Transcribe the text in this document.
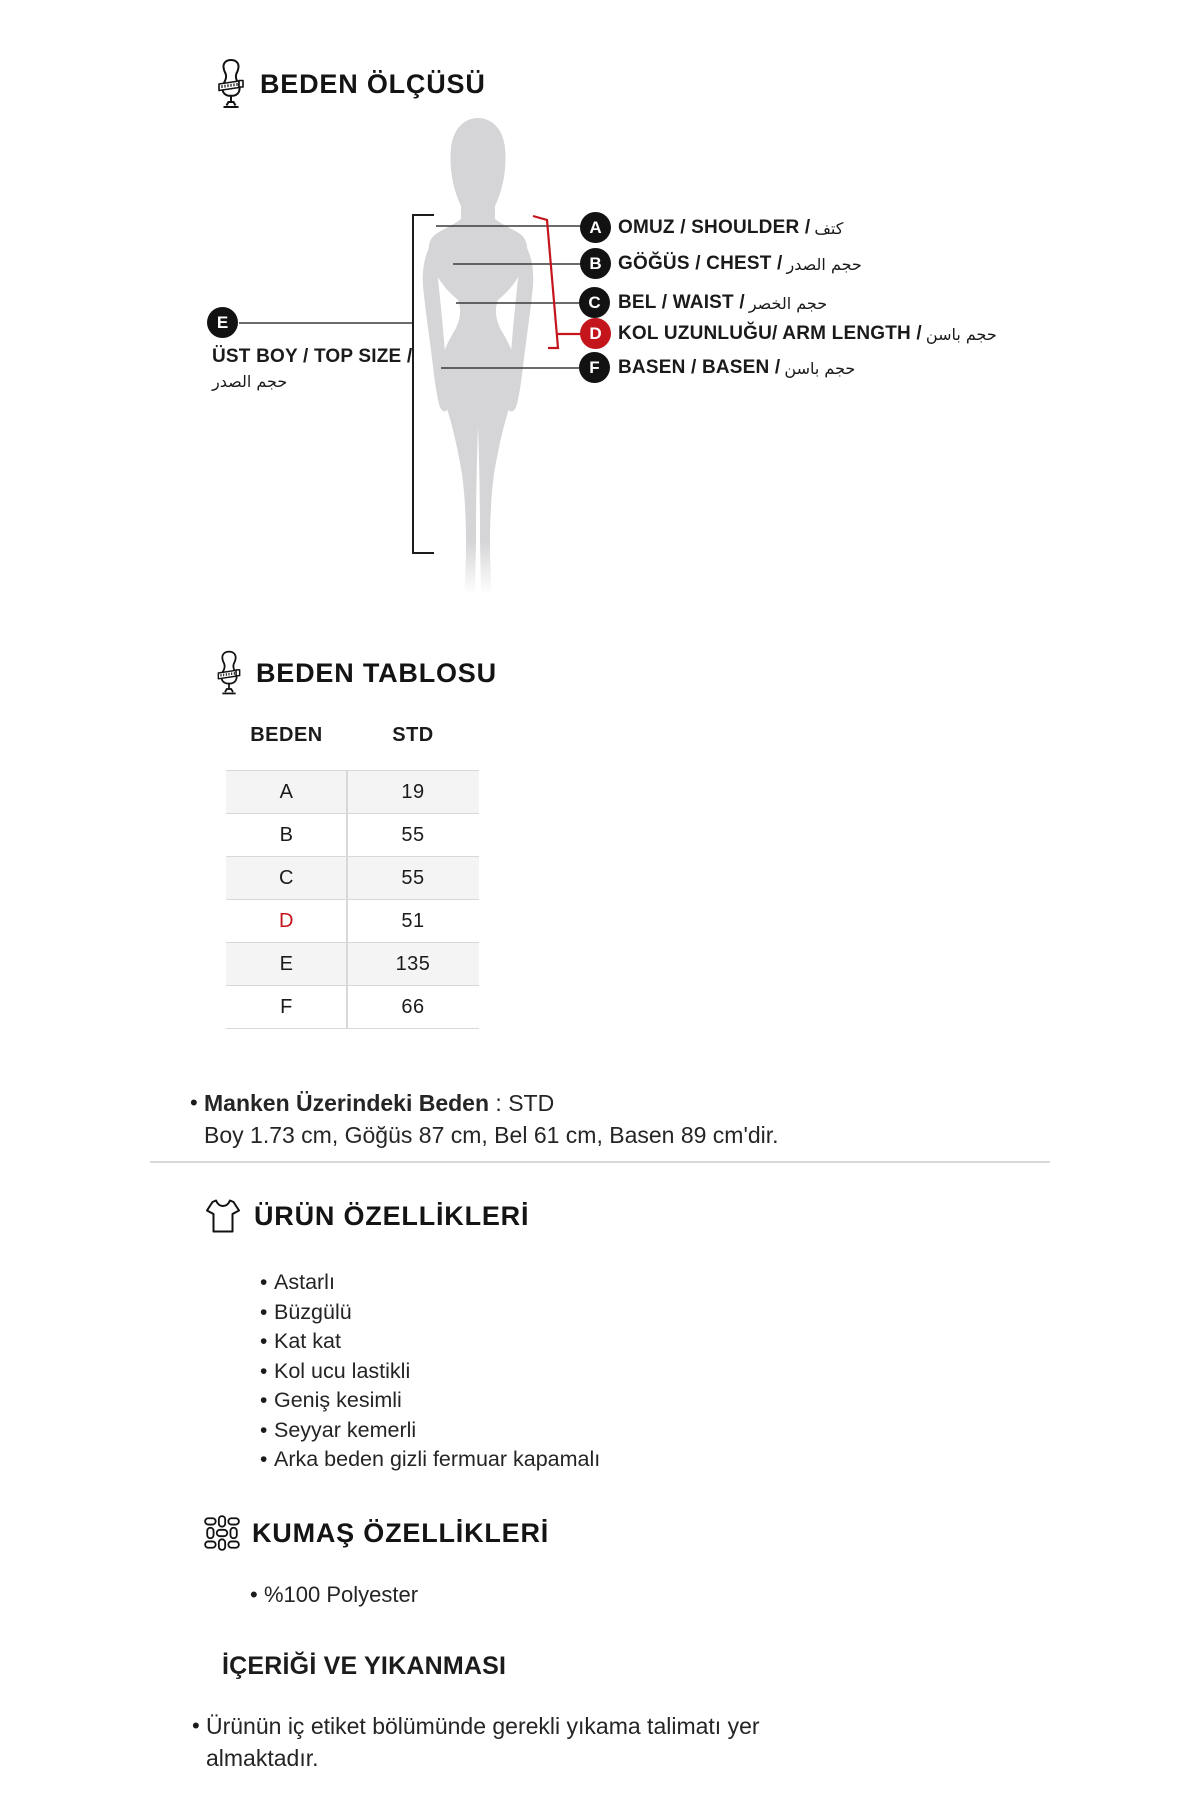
BEDEN ÖLÇÜSÜ
A
B
C
D
F
E
OMUZ / SHOULDER / كتف
GÖĞÜS / CHEST / حجم الصدر
BEL / WAIST / حجم الخصر
KOL UZUNLUĞU/ ARM LENGTH / حجم باسن
BASEN / BASEN / حجم باسن
ÜST BOY / TOP SIZE /
حجم الصدر
BEDEN TABLOSU
BEDEN	STD
A	19
B	55
C	55
D	51
E	135
F	66
• Manken Üzerindeki Beden : STD
Boy 1.73 cm, Göğüs 87 cm, Bel 61 cm, Basen 89 cm'dir.
ÜRÜN ÖZELLİKLERİ
• Astarlı
• Büzgülü
• Kat kat
• Kol ucu lastikli
• Geniş kesimli
• Seyyar kemerli
• Arka beden gizli fermuar kapamalı
KUMAŞ ÖZELLİKLERİ
• %100 Polyester
İÇERİĞİ VE YIKANMASI
• Ürünün iç etiket bölümünde gerekli yıkama talimatı yer almaktadır.
